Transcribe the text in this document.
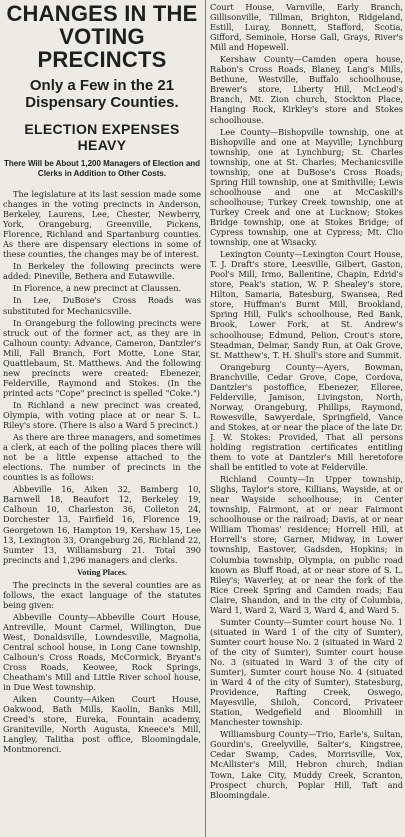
CHANGES IN THE VOTING PRECINCTS
Only a Few in the 21 Dispensary Counties.
ELECTION EXPENSES HEAVY
There Will be About 1,200 Managers of Election and Clerks in Addition to Other Costs.

The legislature at its last session made some changes in the voting precincts in Anderson, Berkeley, Laurens, Lee, Chester, Newberry, York, Orangeburg, Greenville, Pickens, Florence, Richland and Spartanburg counties. As there are dispensary elections in some of these counties, the changes may be of interest.

In Berkeley the following precincts were added: Pineville, Bethera and Eutawville.

In Florence, a new precinct at Claussen.

In Lee, DuBose's Cross Roads was substituted for Mechanicsville.

In Orangeburg the following precincts were struck out of the former act, as they are in Calhoun county: Advance, Cameron, Dantzler's Mill, Fall Branch, Fort Motte, Lone Star, Quattlebaum, St. Matthews. And the following new precincts were created: Ebenezer, Felderville, Raymond and Stokes. (In the printed acts "Cope" precinct is spelled "Coke.")

In Richland a new precinct was created, Olympia, with voting place at or near S. L. Riley's store. (There is also a Ward 5 precinct.)

As there are three managers, and sometimes a clerk, at each of the polling places there will not be a little expense attached to the elections. The number of precincts in the counties is as follows:

Abbeville 16, Aiken 32, Bamberg 10, Barnwell 18, Beaufort 12, Berkeley 19, Calhoun 10, Charleston 36, Colleton 24, Dorchester 13, Fairfield 16, Florence 19, Georgetown 16, Hampton 19, Kershaw 15, Lee 13, Lexington 33, Orangeburg 26, Richland 22, Sumter 13, Williamsburg 21. Total 390 precincts and 1,296 managers and clerks.

Voting Places.

The precincts in the several counties are as follows, the exact language of the statutes being given:

Abbeville County—Abbeville Court House, Antreville, Mount Carmel, Willington, Due West, Donaldsville, Lowndesville, Magnolia, Central school house, in Long Cane township, Calhoun's Cross Roads, McCormick, Bryant's Cross Roads, Keowee, Rock Springs, Cheatham's Mill and Little River school house, in Due West township.

Aiken County—Aiken Court House, Oakwood, Bath Mills, Kaolin, Banks Mill, Creed's store, Eureka, Fountain academy, Graniteville, North Augusta, Kneece's Mill, Langley, Talitha post office, Bloomingdale, Montmorenci.

Court House, Varnville, Early Branch, Gillisonville, Tillman, Brighton, Ridgeland, Estill, Luray, Bonnett, Stafford, Scotia, Gifford, Seminole, Horse Gall, Grays, River's Mill and Hopewell.

Kershaw County—Camden opera house, Rabon's Cross Roads, Blaney, Lang's Mills, Bethune, Westville, Buffalo schoolhouse, Brewer's store, Liberty Hill, McLeod's Branch, Mt. Zion church, Stockton Place, Hanging Rock, Kirkley's store and Stokes schoolhouse.

Lee County—Bishopville township, one at Bishopville and one at Mayville; Lynchburg township, one at Lynchburg; St. Charles township, one at St. Charles; Mechanicsville township, one at DuBose's Cross Roads; Spring Hill township, one at Smithville; Lewis schoolhouse and one at McCaskill's schoolhouse; Turkey Creek township, one at Turkey Creek and one at Lucknow; Stokes Bridge township, one at Stokes Bridge; of Cypress township, one at Cypress; Mt. Clio township, one at Wisacky.

Lexington County—Lexington Court House, T. J. Draft's store, Leesville, Gilbert, Gaston, Pool's Mill, Irmo, Ballentine, Chapin, Edrid's store, Peak's station, W. P. Shealey's store, Hilton, Samaria, Batesburg, Swansea, Red store, Huffman's Burnt Mill, Brookland, Spring Hill, Fulk's schoolhouse, Red Bank, Brook, Lower Fork, at St. Andrew's schoolhouse; Edmund, Pelion, Crout's store, Steadman, Delmar, Sandy Run, at Oak Grove, St. Matthew's, T. H. Shull's store and Summit.

Orangeburg County—Ayers, Bowman, Branchville, Cedar Grove, Cope, Cordova, Dantzler's postoffice, Ebenezer, Elloree, Felderville, Jamison, Livingston, North, Norway, Orangeburg, Phillips, Raymond, Rowesville, Sawyerdale, Springfield, Vance and Stokes, at or near the place of the late Dr. J. W. Stokes: Provided, That all persons holding registration certificates entitling them to vote at Dantzler's Mill heretofore shall be entitled to vote at Felderville.

Richland County—In Upper township, Slighs, Taylor's store, Killians, Wayside, at or near Wayside schoolhouse; in Center township, Fairmont, at or near Fairmont schoolhouse or the railroad; Davis, at or near William Thomas' residence; Horrell Hill, at Horrell's store; Garner, Midway, in Lower township, Eastover, Gadsden, Hopkins; in Columbia township, Olympia, on public road known as Bluff Road, at or near store of S. L. Riley's; Waverley, at or near the fork of the Rice Creek Spring and Camden roads; Eau Claire, Shandon, and in the city of Columbia, Ward 1, Ward 2, Ward 3, Ward 4, and Ward 5.

Sumter County—Sumter court house No. 1 (situated in Ward 1 of the city of Sumter), Sumter court house No. 2 (situated in Ward 2 of the city of Sumter), Sumter court house No. 3 (situated in Ward 3 of the city of Sumter), Sumter court house No. 4 (situated in Ward 4 of the city of Sumter), Statesburg, Providence, Rafting Creek, Oswego, Mayesville, Shiloh, Concord, Privateer Station, Wedgefield and Bloomhill in Manchester township.

Williamsburg County—Trio, Earle's, Sultan, Gourdin's, Greelyville, Salter's, Kingstree, Cedar Swamp, Cades, Morrisville, Vox, McAllister's Mill, Hebron church, Indian Town, Lake City, Muddy Creek, Scranton, Prospect church, Poplar Hill, Taft and Bloomingdale.
